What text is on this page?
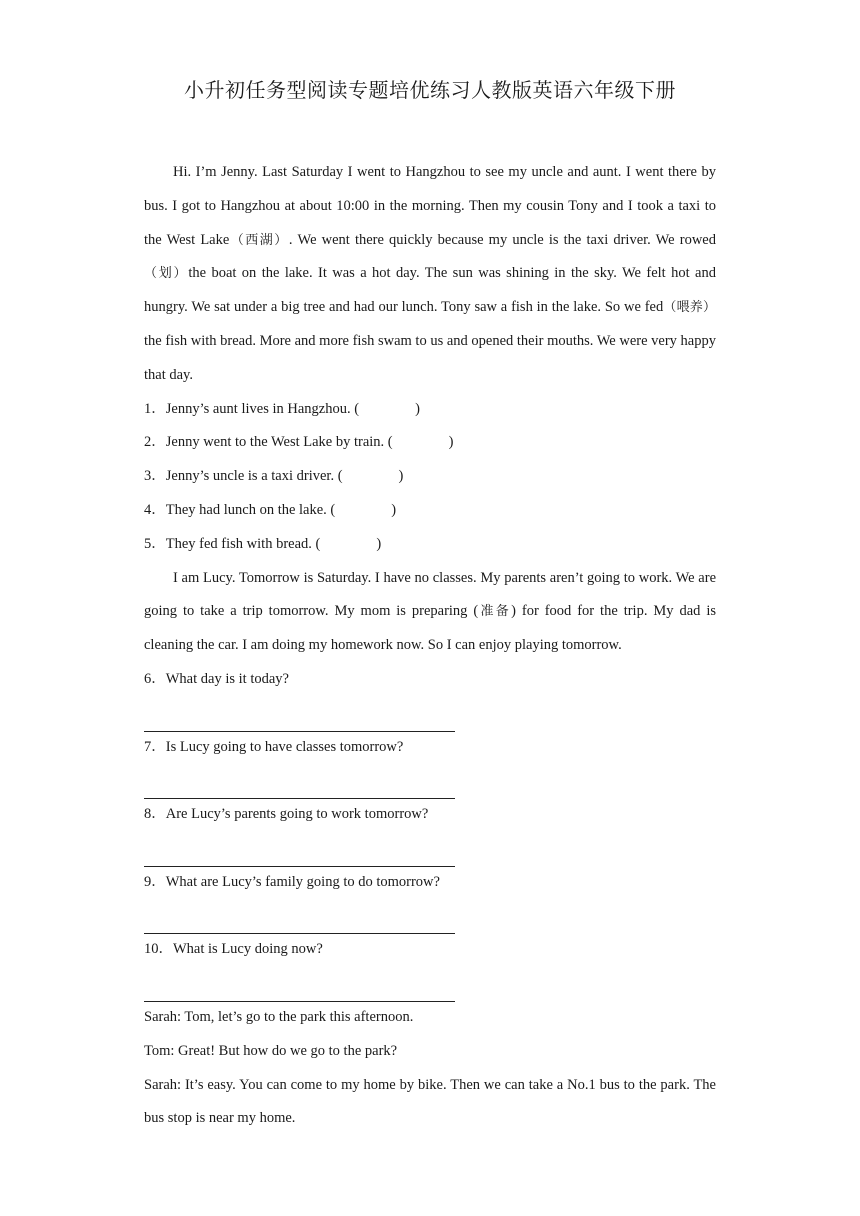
小升初任务型阅读专题培优练习人教版英语六年级下册

Hi. I’m Jenny. Last Saturday I went to Hangzhou to see my uncle and aunt. I went there by bus. I got to Hangzhou at about 10:00 in the morning. Then my cousin Tony and I took a taxi to the West Lake（西湖）. We went there quickly because my uncle is the taxi driver. We rowed（划）the boat on the lake. It was a hot day. The sun was shining in the sky. We felt hot and hungry. We sat under a big tree and had our lunch. Tony saw a fish in the lake. So we fed（喂养）the fish with bread. More and more fish swam to us and opened their mouths. We were very happy that day.

1．Jenny’s aunt lives in Hangzhou. (	)

2．Jenny went to the West Lake by train. (	)

3．Jenny’s uncle is a taxi driver. (	)

4．They had lunch on the lake. (	)

5．They fed fish with bread. (	)

I am Lucy. Tomorrow is Saturday. I have no classes. My parents aren’t going to work. We are going to take a trip tomorrow. My mom is preparing (准备) for food for the trip. My dad is cleaning the car. I am doing my homework now. So I can enjoy playing tomorrow.

6．What day is it today?

7．Is Lucy going to have classes tomorrow?

8．Are Lucy’s parents going to work tomorrow?

9．What are Lucy’s family going to do tomorrow?

10．What is Lucy doing now?

Sarah: Tom, let’s go to the park this afternoon.

Tom: Great! But how do we go to the park?

Sarah: It’s easy. You can come to my home by bike. Then we can take a No.1 bus to the park. The bus stop is near my home.
